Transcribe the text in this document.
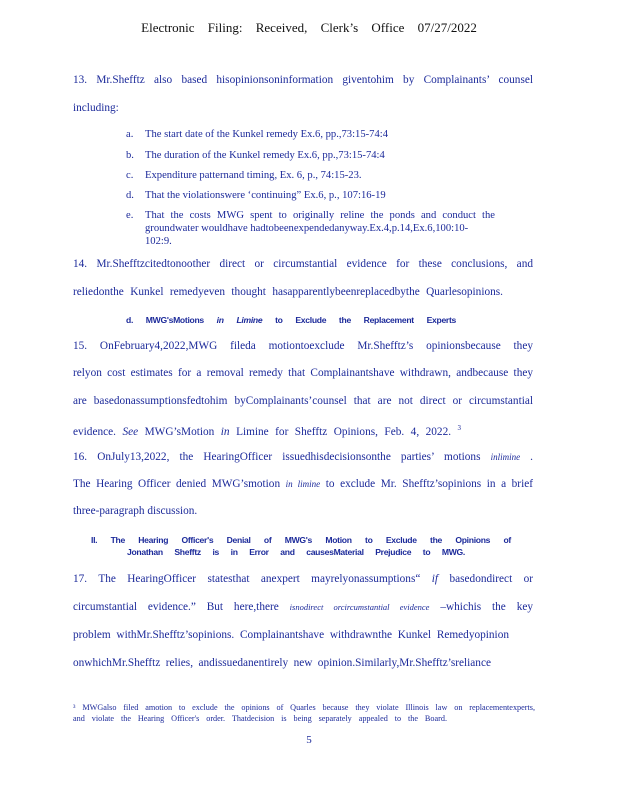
Electronic Filing: Received, Clerk’s Office 07/27/2022
13. Mr.Shefftz also based hisopinionsoninformation giventohim by Complainants’ counsel
including:
a. The start date of the Kunkel remedy Ex.6, pp.,73:15-74:4
b. The duration of the Kunkel remedy Ex.6, pp.,73:15-74:4
c. Expenditure patternand timing, Ex. 6, p., 74:15-23.
d. That the violationswere ‘continuing” Ex.6, p., 107:16-19
e. That the costs MWG spent to originally reline the ponds and conduct the
groundwater wouldhave hadtobeenexpendedanyway.Ex.4,p.14,Ex.6,100:10-
102:9.
14. Mr.Shefftzcitedtonoother direct or circumstantial evidence for these conclusions, and
reliedonthe Kunkel remedyeven thought hasapparentlybeenreplacedbythe Quarlesopinions.
d. MWG'sMotions in Limine to Exclude the Replacement Experts
15. OnFebruary4,2022,MWG fileda motiontoexclude Mr.Shefftz’s opinionsbecause they
relyon cost estimates for a removal remedy that Complainantshave withdrawn, andbecause they
are basedonassumptionsfedtohim byComplainants’counsel that are not direct or circumstantial
evidence. See MWG’sMotion in Limine for Shefftz Opinions, Feb. 4, 2022. $^3$
16. OnJuly13,2022, the HearingOfficer issuedhisdecisionsonthe parties’ motions inlimine .
The Hearing Officer denied MWG’smotion in limine to exclude Mr. Shefftz’sopinions in a brief
three-paragraph discussion.
II. The Hearing Officer's Denial of MWG's Motion to Exclude the Opinions of
Jonathan Shefftz is in Error and causesMaterial Prejudice to MWG.
17. The HearingOfficer statesthat anexpert mayrelyonassumptions“ if basedondirect or
circumstantial evidence.” But here,there isnodirect orcircumstantial evidence –whichis the key
problem withMr.Shefftz’sopinions. Complainantshave withdrawnthe Kunkel Remedyopinion
onwhichMr.Shefftz relies, andissuedanentirely new opinion.Similarly,Mr.Shefftz’sreliance
³ MWGalso filed amotion to exclude the opinions of Quarles because they violate Illinois law on replacementexperts,
and violate the Hearing Officer's order. Thatdecision is being separately appealed to the Board.
5
